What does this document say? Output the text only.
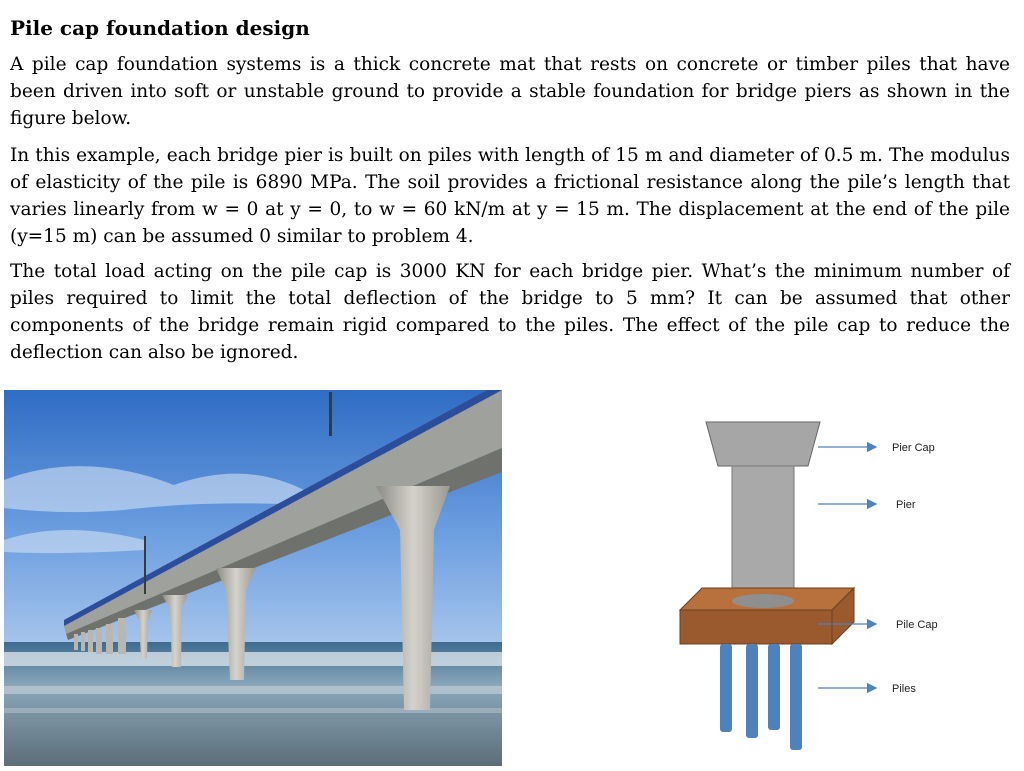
Pile cap foundation design

A pile cap foundation systems is a thick concrete mat that rests on concrete or timber piles that have been driven into soft or unstable ground to provide a stable foundation for bridge piers as shown in the figure below.

In this example, each bridge pier is built on piles with length of 15 m and diameter of 0.5 m. The modulus of elasticity of the pile is 6890 MPa. The soil provides a frictional resistance along the pile’s length that varies linearly from w = 0 at y = 0, to w = 60 kN/m at y = 15 m. The displacement at the end of the pile (y=15 m) can be assumed 0 similar to problem 4.

The total load acting on the pile cap is 3000 KN for each bridge pier. What’s the minimum number of piles required to limit the total deflection of the bridge to 5 mm? It can be assumed that other components of the bridge remain rigid compared to the piles. The effect of the pile cap to reduce the deflection can also be ignored.

Pier Cap
Pier
Pile Cap
Piles
